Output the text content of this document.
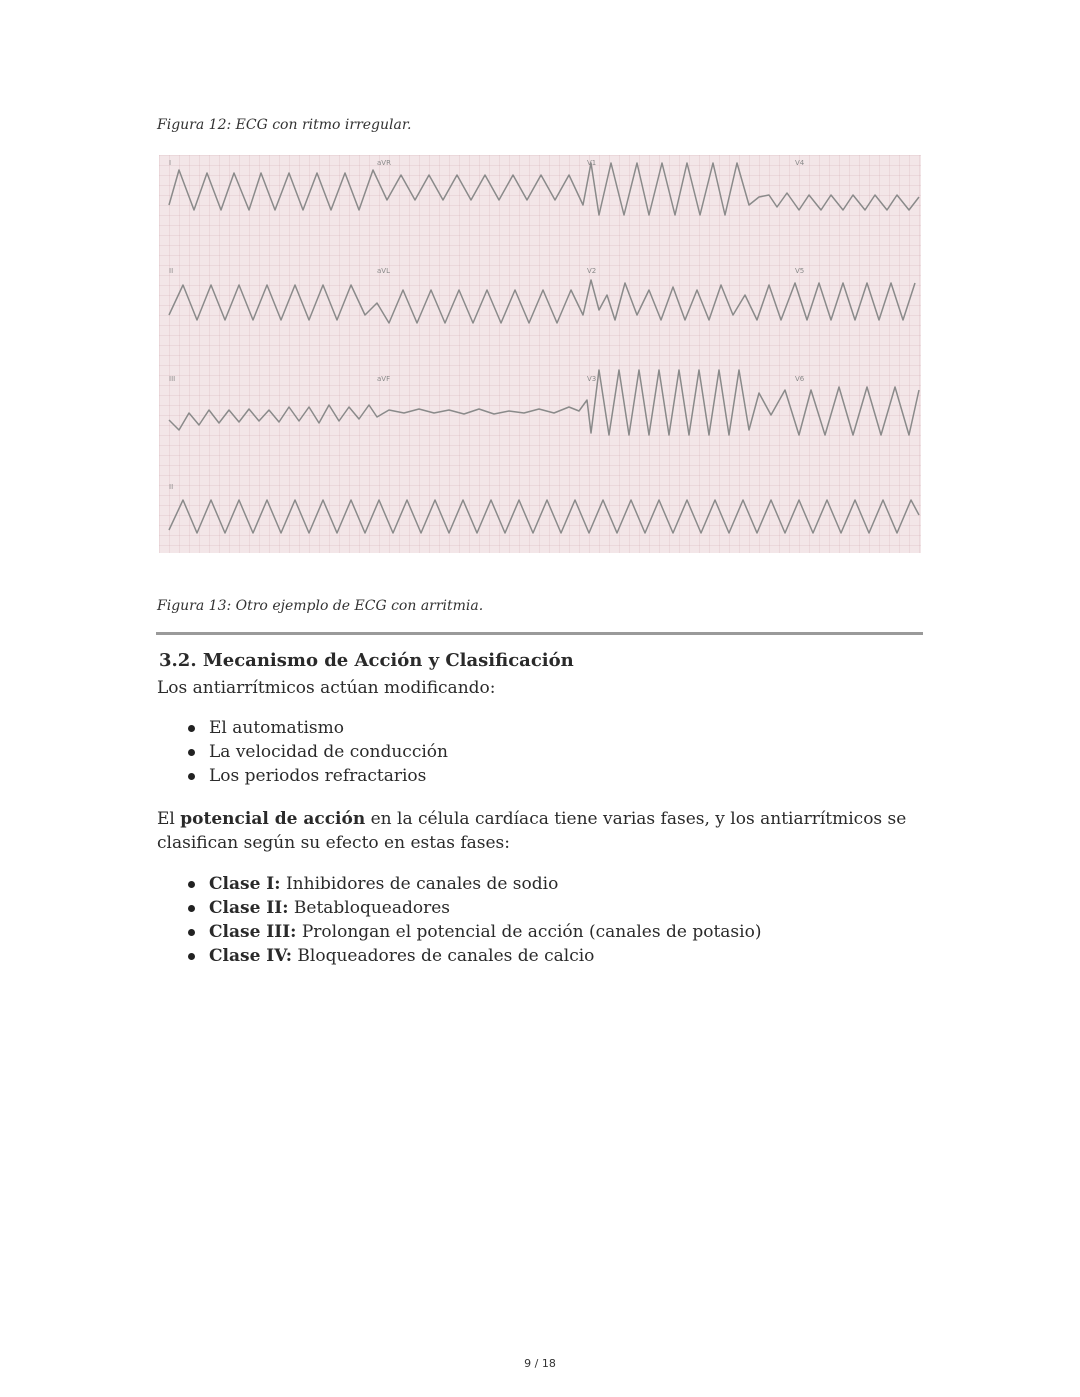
Figura 12: ECG con ritmo irregular.
I	aVR	V1	V4
II	aVL	V2	V5
III	aVF	V3	V6
II
Figura 13: Otro ejemplo de ECG con arritmia.
3.2. Mecanismo de Acción y Clasificación

Los antiarrítmicos actúan modificando:

El automatismo
La velocidad de conducción
Los periodos refractarios

El potencial de acción en la célula cardíaca tiene varias fases, y los antiarrítmicos se clasifican según su efecto en estas fases:

Clase I: Inhibidores de canales de sodio
Clase II: Betabloqueadores
Clase III: Prolongan el potencial de acción (canales de potasio)
Clase IV: Bloqueadores de canales de calcio
9 / 18
